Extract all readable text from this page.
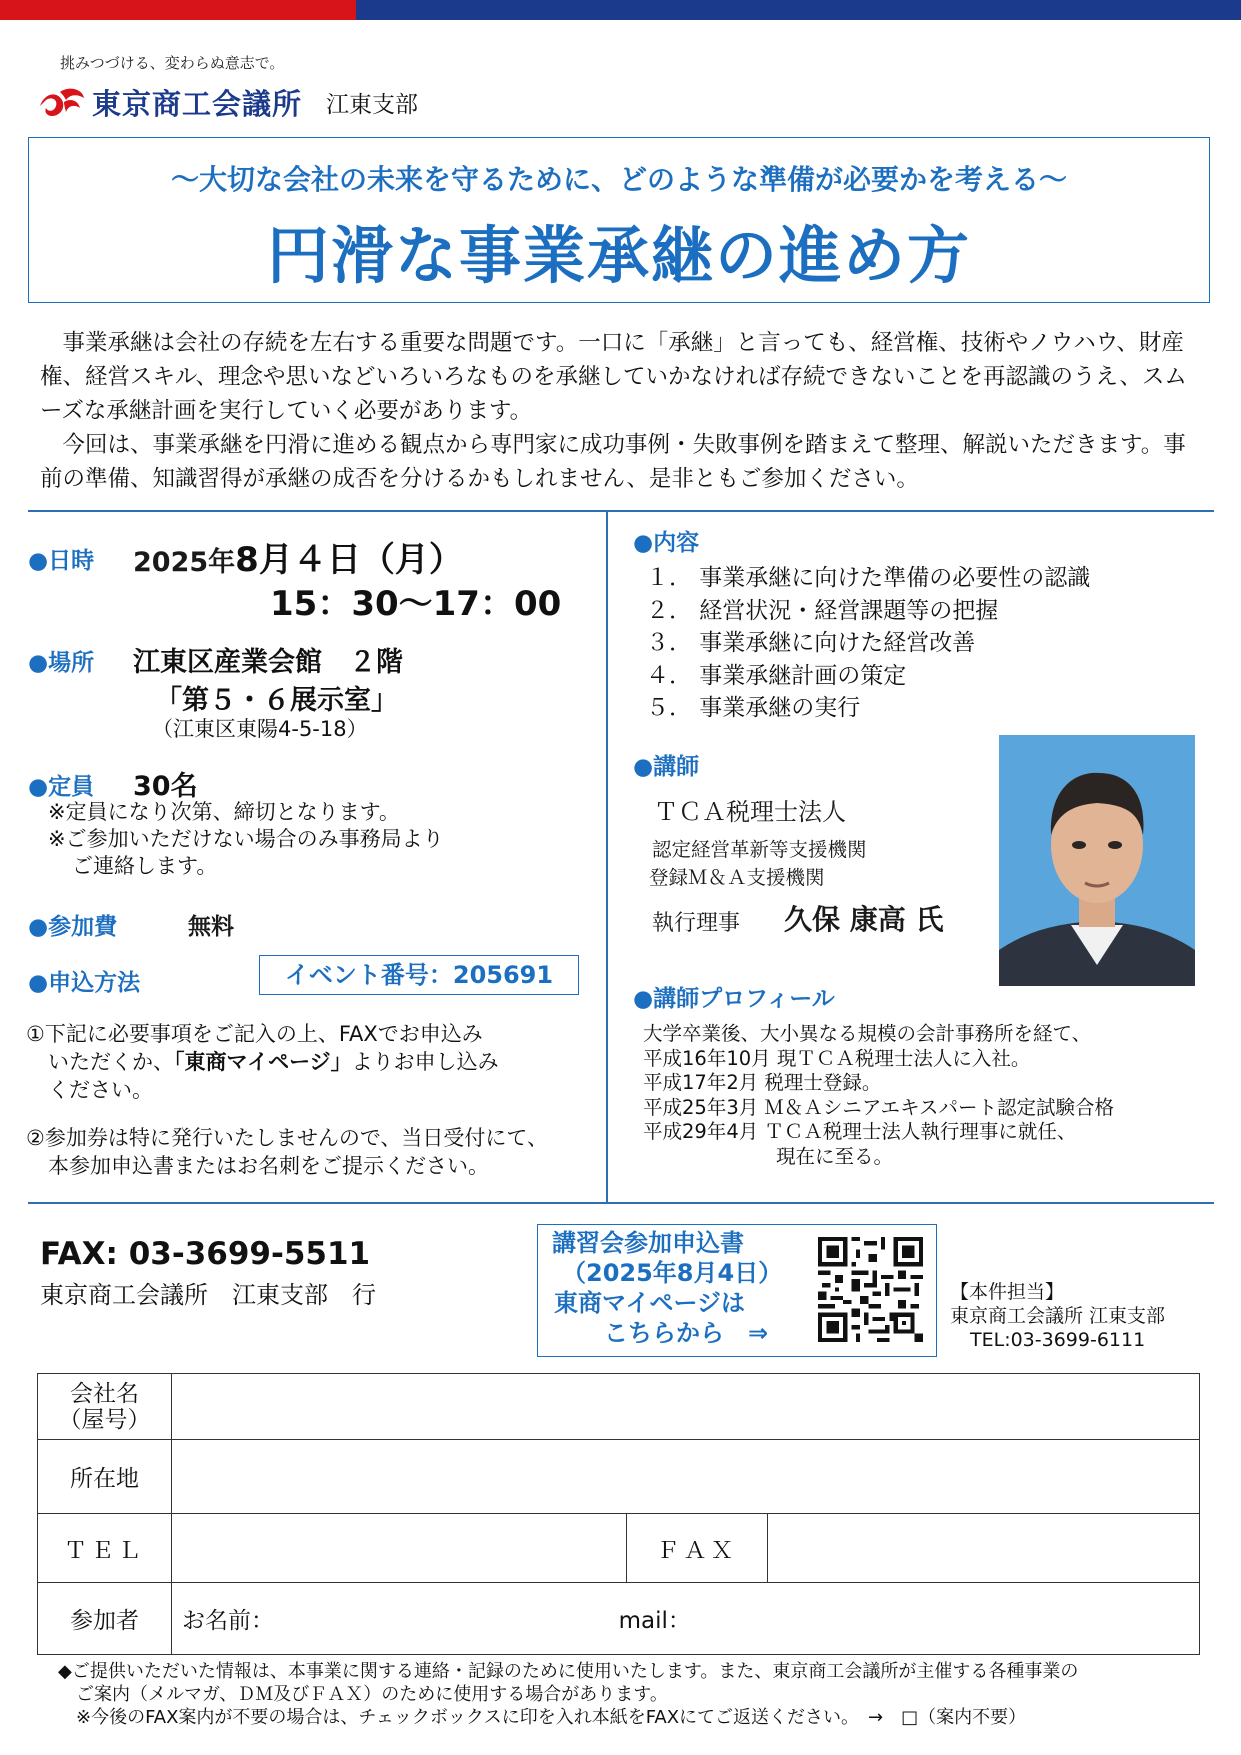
挑みつづける、変わらぬ意志で。
東京商工会議所 江東支部
～大切な会社の未来を守るために、どのような準備が必要かを考える～
円滑な事業承継の進め方

事業承継は会社の存続を左右する重要な問題です。一口に「承継」と言っても、経営権、技術やノウハウ、財産権、経営スキル、理念や思いなどいろいろなものを承継していかなければ存続できないことを再認識のうえ、スムーズな承継計画を実行していく必要があります。

今回は、事業承継を円滑に進める観点から専門家に成功事例・失敗事例を踏まえて整理、解説いただきます。事前の準備、知識習得が承継の成否を分けるかもしれません、是非ともご参加ください。

●日時 2025年8月４日（月）
15：30～17：00
●場所 江東区産業会館　２階
「第５・６展示室」
（江東区東陽4-5-18）
●定員 30名
※定員になり次第、締切となります。
※ご参加いただけない場合のみ事務局より
ご連絡します。
●参加費	無料
●申込方法	イベント番号：205691
①下記に必要事項をご記入の上、FAXでお申込み
いただくか、「東商マイページ」よりお申し込み
ください。
②参加券は特に発行いたしませんので、当日受付にて、
本参加申込書またはお名刺をご提示ください。
●内容
１． 事業承継に向けた準備の必要性の認識
２． 経営状況・経営課題等の把握
３． 事業承継に向けた経営改善
４． 事業承継計画の策定
５． 事業承継の実行
●講師
ＴＣＡ税理士法人
認定経営革新等支援機関
登録Ｍ＆Ａ支援機関
執行理事 久保 康高 氏
●講師プロフィール
大学卒業後、大小異なる規模の会計事務所を経て、
平成16年10月 現ＴＣＡ税理士法人に入社。
平成17年2月 税理士登録。
平成25年3月 Ｍ＆Ａシニアエキスパート認定試験合格
平成29年4月 ＴＣＡ税理士法人執行理事に就任、
現在に至る。
FAX: 03-3699-5511
東京商工会議所　江東支部　行
講習会参加申込書
（2025年8月4日）
東商マイページは
こちらから　⇒
【本件担当】
東京商工会議所 江東支部
TEL:03-3699-6111
会社名
（屋号）			

所在地			
ＴＥＬ		ＦＡＸ	
参加者	お名前： mail：		
◆ご提供いただいた情報は、本事業に関する連絡・記録のために使用いたします。また、東京商工会議所が主催する各種事業の
ご案内（メルマガ、ＤＭ及びＦＡＸ）のために使用する場合があります。
※今後のFAX案内が不要の場合は、チェックボックスに印を入れ本紙をFAXにてご返送ください。　→　□（案内不要）
